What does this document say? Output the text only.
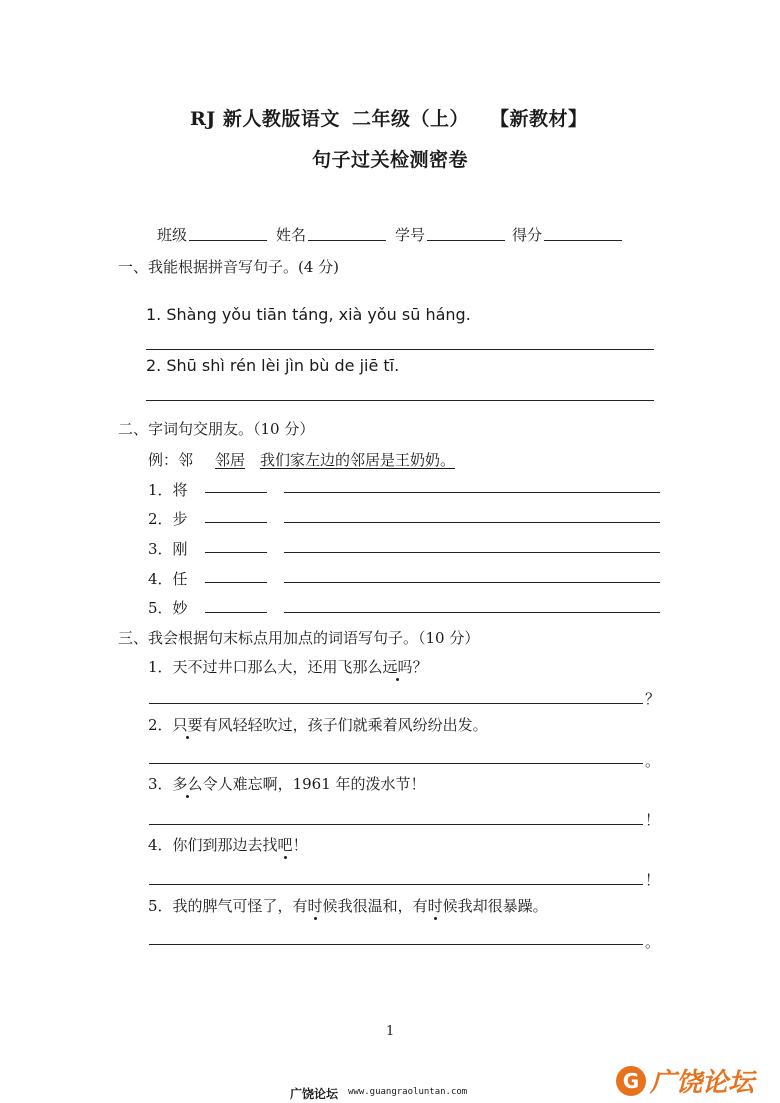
RJ 新人教版语文 二年级（上） 【新教材】
句子过关检测密卷
班级	姓名	学号	得分
一、我能根据拼音写句子。(4 分)
1. Shàng yǒu tiān táng, xià yǒu sū háng.
2. Shū shì rén lèi jìn bù de jiē tī.
二、字词句交朋友。（10 分）
例：邻 邻居 我们家左边的邻居是王奶奶。
1．将
2．步
3．刚
4．任
5．妙
三、我会根据句末标点用加点的词语写句子。（10 分）
1．天不过井口那么大，还用飞那么远吗？
？
2．只要有风轻轻吹过，孩子们就乘着风纷纷出发。
。
3．多么令人难忘啊，1961 年的泼水节！
！
4．你们到那边去找吧！
！
5．我的脾气可怪了，有时候我很温和，有时候我却很暴躁。
。
1
广饶论坛 www.guangraoluntan.com	G 广饶论坛
